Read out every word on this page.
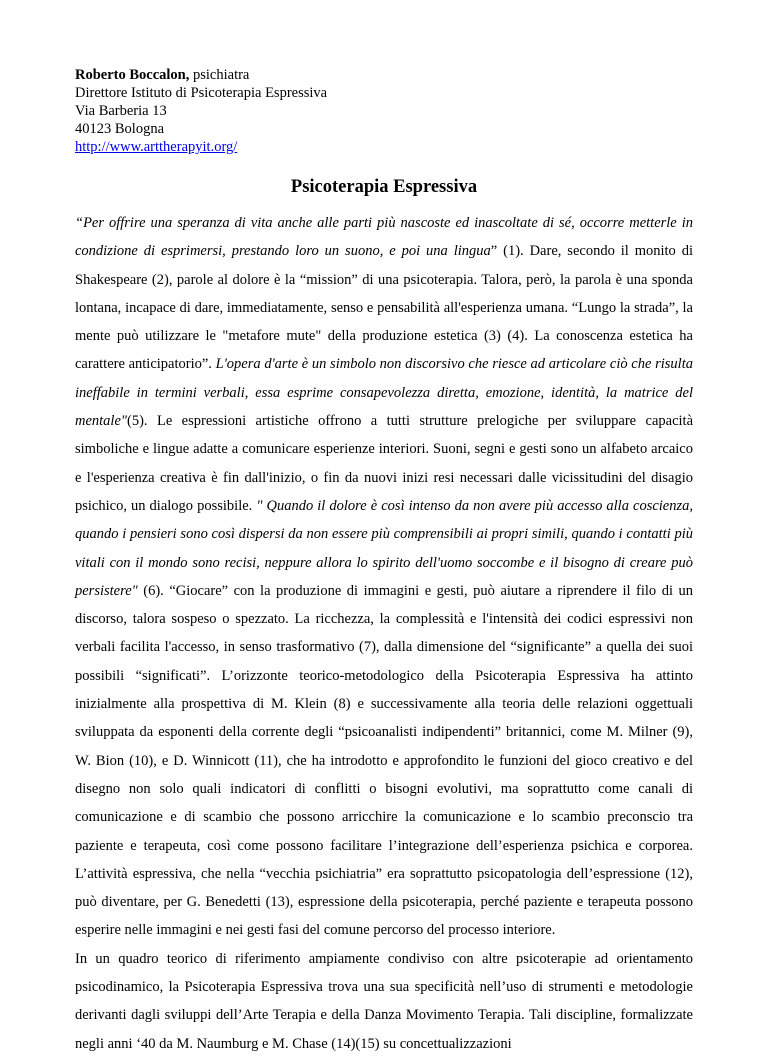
Roberto Boccalon, psichiatra
Direttore Istituto di Psicoterapia Espressiva
Via Barberia 13
40123 Bologna
http://www.arttherapyit.org/
Psicoterapia Espressiva

“Per offrire una speranza di vita anche alle parti più nascoste ed inascoltate di sé, occorre metterle in condizione di esprimersi, prestando loro un suono, e poi una lingua” (1). Dare, secondo il monito di Shakespeare (2), parole al dolore è la “mission” di una psicoterapia. Talora, però, la parola è una sponda lontana, incapace di dare, immediatamente, senso e pensabilità all'esperienza umana. “Lungo la strada”, la mente può utilizzare le "metafore mute" della produzione estetica (3) (4). La conoscenza estetica ha carattere anticipatorio”. L'opera d'arte è un simbolo non discorsivo che riesce ad articolare ciò che risulta ineffabile in termini verbali, essa esprime consapevolezza diretta, emozione, identità, la matrice del mentale"(5). Le espressioni artistiche offrono a tutti strutture prelogiche per sviluppare capacità simboliche e lingue adatte a comunicare esperienze interiori. Suoni, segni e gesti sono un alfabeto arcaico e l'esperienza creativa è fin dall'inizio, o fin da nuovi inizi resi necessari dalle vicissitudini del disagio psichico, un dialogo possibile. " Quando il dolore è così intenso da non avere più accesso alla coscienza, quando i pensieri sono così dispersi da non essere più comprensibili ai propri simili, quando i contatti più vitali con il mondo sono recisi, neppure allora lo spirito dell'uomo soccombe e il bisogno di creare può persistere" (6). “Giocare” con la produzione di immagini e gesti, può aiutare a riprendere il filo di un discorso, talora sospeso o spezzato. La ricchezza, la complessità e l'intensità dei codici espressivi non verbali facilita l'accesso, in senso trasformativo (7), dalla dimensione del “significante” a quella dei suoi possibili “significati”. L’orizzonte teorico-metodologico della Psicoterapia Espressiva ha attinto inizialmente alla prospettiva di M. Klein (8) e successivamente alla teoria delle relazioni oggettuali sviluppata da esponenti della corrente degli “psicoanalisti indipendenti” britannici, come M. Milner (9), W. Bion (10), e D. Winnicott (11), che ha introdotto e approfondito le funzioni del gioco creativo e del disegno non solo quali indicatori di conflitti o bisogni evolutivi, ma soprattutto come canali di comunicazione e di scambio che possono arricchire la comunicazione e lo scambio preconscio tra paziente e terapeuta, così come possono facilitare l’integrazione dell’esperienza psichica e corporea. L’attività espressiva, che nella “vecchia psichiatria” era soprattutto psicopatologia dell’espressione (12), può diventare, per G. Benedetti (13), espressione della psicoterapia, perché paziente e terapeuta possono esperire nelle immagini e nei gesti fasi del comune percorso del processo interiore.

In un quadro teorico di riferimento ampiamente condiviso con altre psicoterapie ad orientamento psicodinamico, la Psicoterapia Espressiva trova una sua specificità nell’uso di strumenti e metodologie derivanti dagli sviluppi dell’Arte Terapia e della Danza Movimento Terapia. Tali discipline, formalizzate negli anni ‘40 da M. Naumburg e M. Chase (14)(15) su concettualizzazioni
